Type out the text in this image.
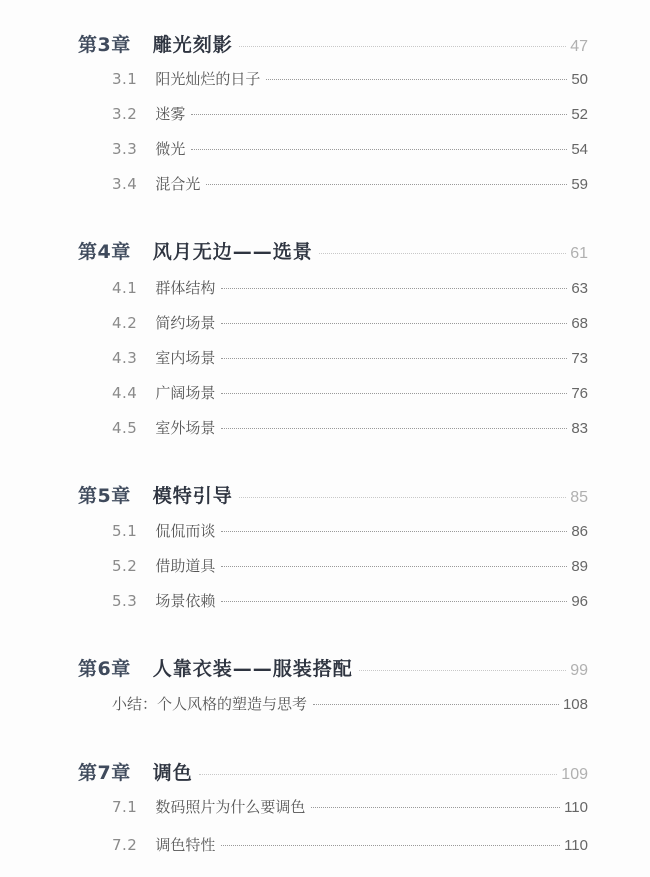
第3章 雕光刻影	47
3.1 阳光灿烂的日子	50
3.2 迷雾	52
3.3 微光	54
3.4 混合光	59
第4章 风月无边——选景	61
4.1 群体结构	63
4.2 简约场景	68
4.3 室内场景	73
4.4 广阔场景	76
4.5 室外场景	83
第5章 模特引导	85
5.1 侃侃而谈	86
5.2 借助道具	89
5.3 场景依赖	96
第6章 人靠衣装——服装搭配	99
小结：个人风格的塑造与思考	108
第7章 调色	109
7.1 数码照片为什么要调色	110
7.2 调色特性	110
